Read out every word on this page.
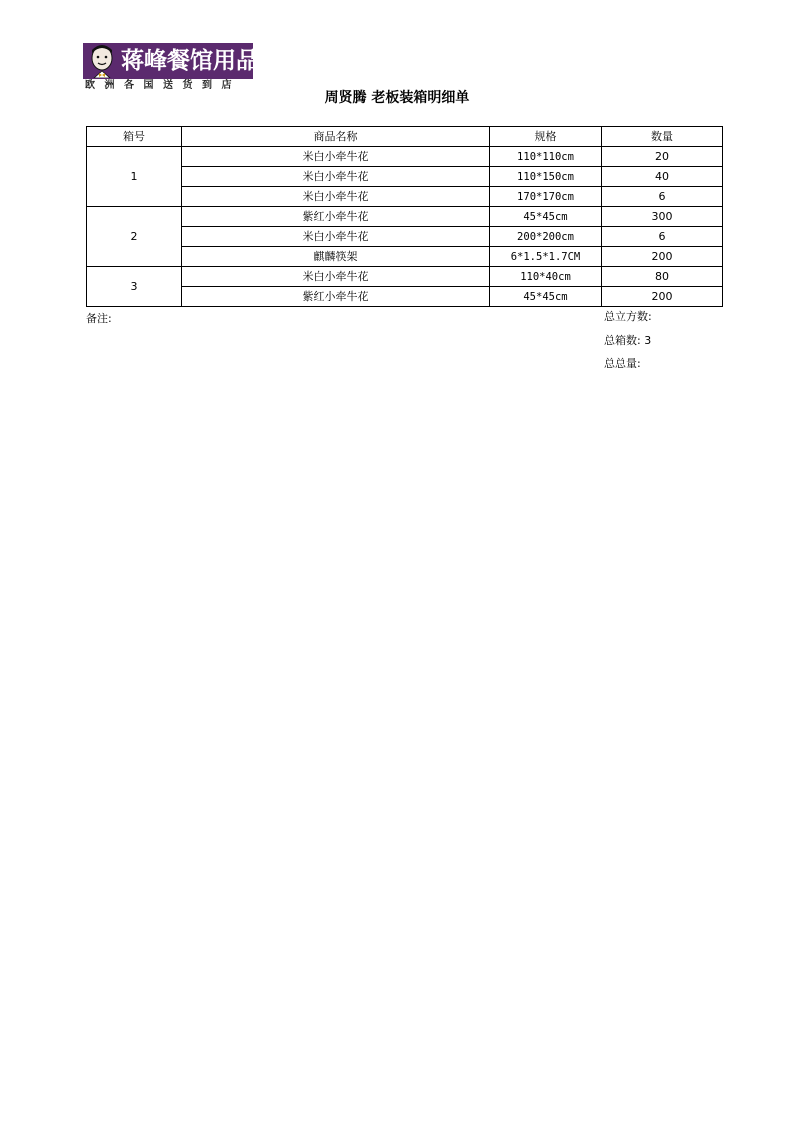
蒋峰餐馆用品
欧洲各国送货到店
周贤腾 老板装箱明细单
箱号	商品名称	规格	数量
1	米白小牵牛花	110*110cm	20
	米白小牵牛花	110*150cm	40
	米白小牵牛花	170*170cm	6
2	紫红小牵牛花	45*45cm	300
	米白小牵牛花	200*200cm	6
	麒麟筷架	6*1.5*1.7CM	200
3	米白小牵牛花	110*40cm	80
	紫红小牵牛花	45*45cm	200
备注:	总立方数:
总箱数: 3
总总量:
